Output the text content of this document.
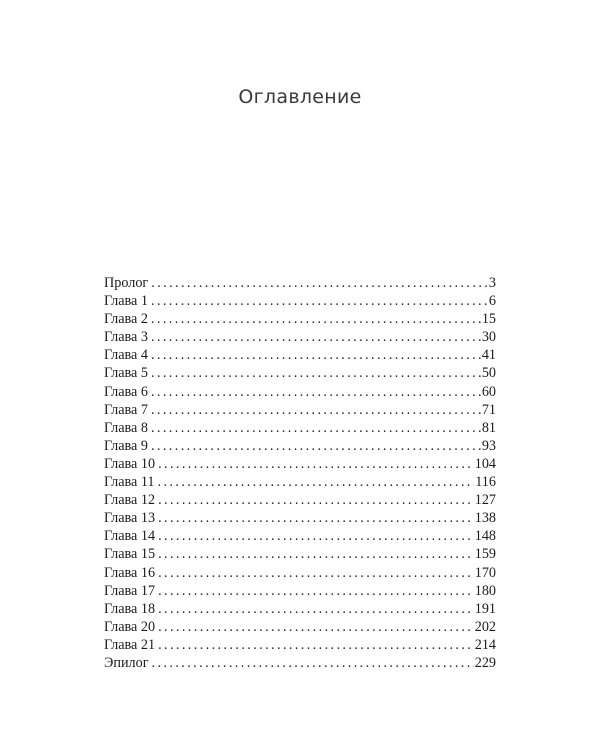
Оглавление
Пролог .....	3
Глава 1 .....	6
Глава 2 .....	15
Глава 3 .....	30
Глава 4 .....	41
Глава 5 .....	50
Глава 6 .....	60
Глава 7 .....	71
Глава 8 .....	81
Глава 9 .....	93
Глава 10 .....	104
Глава 11 .....	116
Глава 12 .....	127
Глава 13 .....	138
Глава 14 .....	148
Глава 15 .....	159
Глава 16 .....	170
Глава 17 .....	180
Глава 18 .....	191
Глава 20 .....	202
Глава 21 .....	214
Эпилог .....	229
